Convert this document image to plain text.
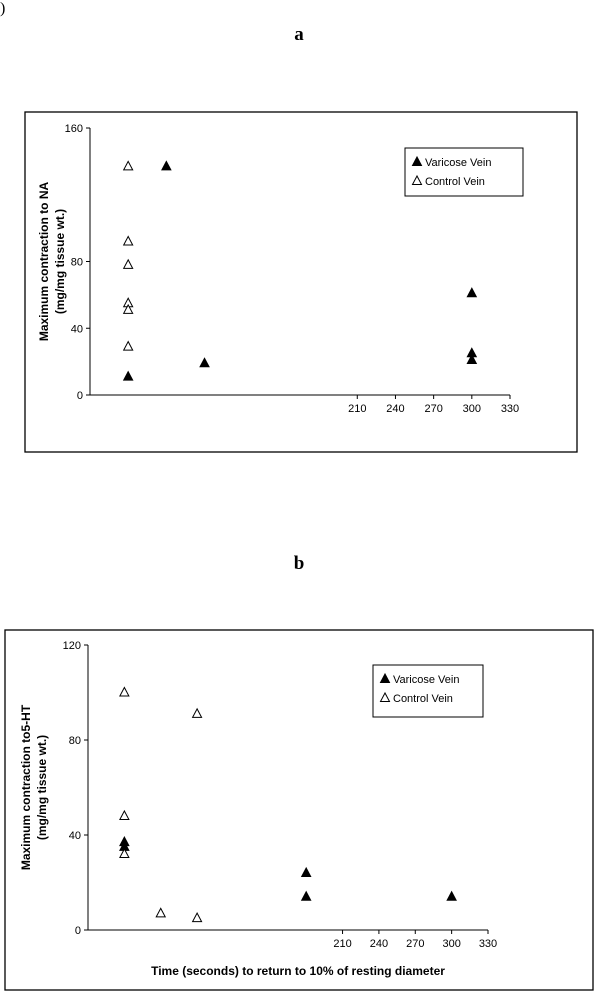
)
a
b
0
40
80
160
210 240 270 300 330
Maximum contraction to NA (mg/mg tissue wt.)
Varicose Vein
Control Vein
0
40
80
120
210 240 270 300 330
Maximum contraction to5-HT (mg/mg tissue wt.)
Time (seconds) to return to 10% of resting diameter
Varicose Vein
Control Vein
